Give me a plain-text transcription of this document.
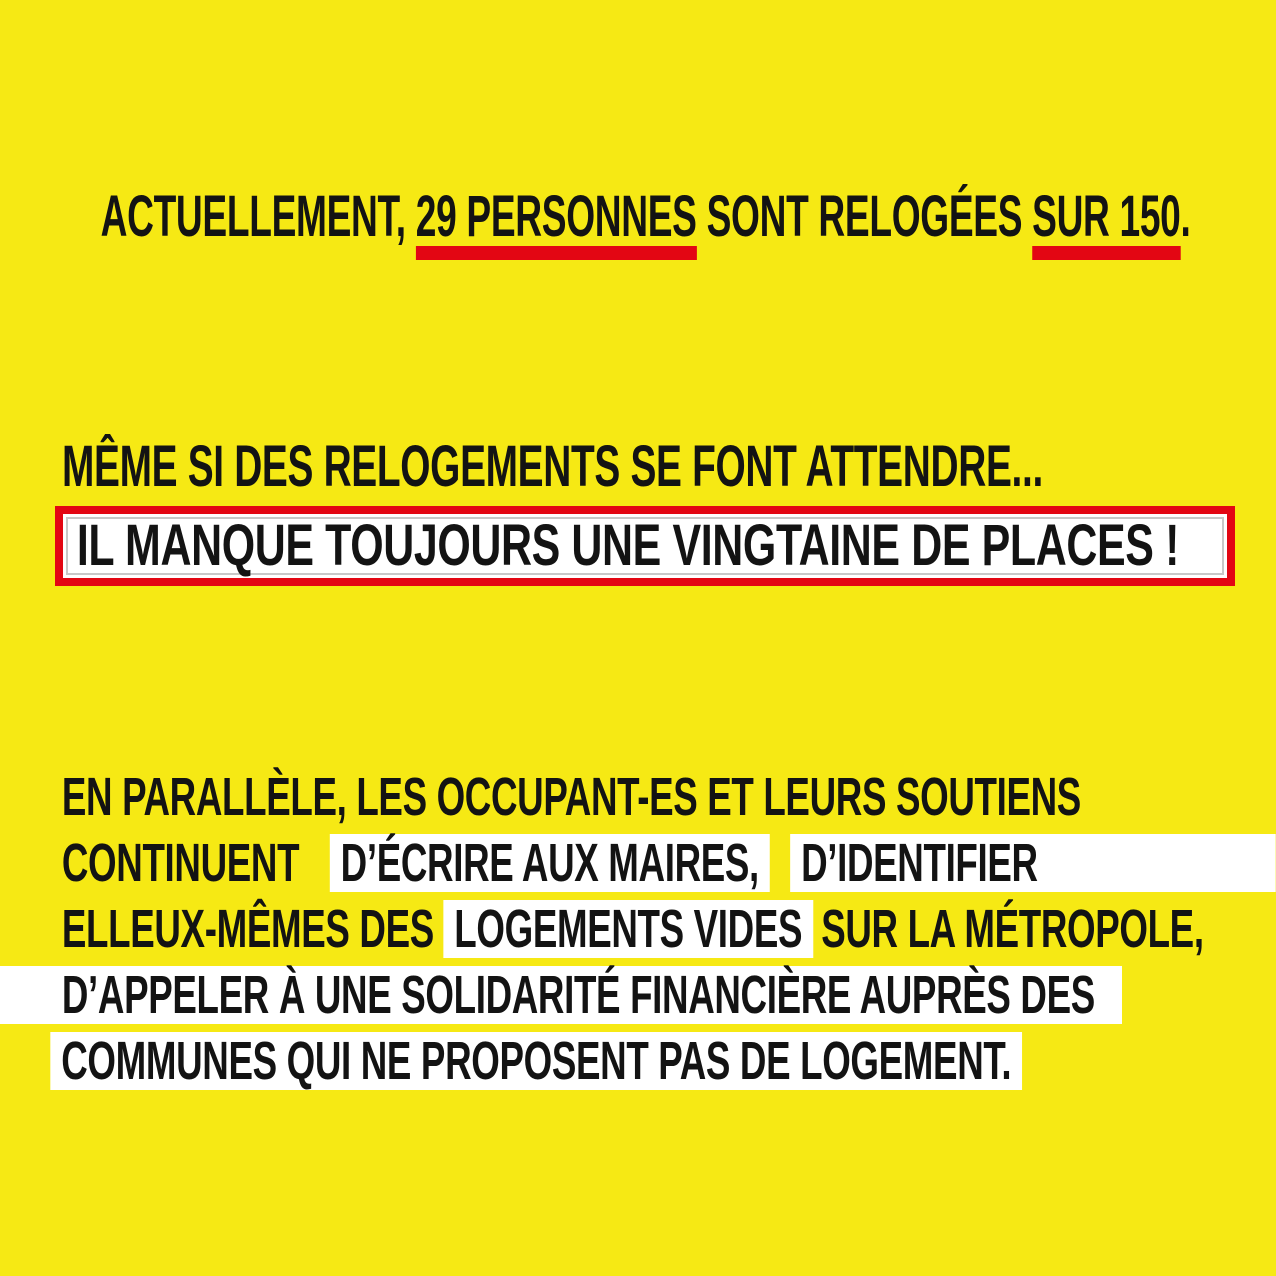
ACTUELLEMENT, 29 PERSONNES SONT RELOGÉES SUR 150.

MÊME SI DES RELOGEMENTS SE FONT ATTENDRE...
IL MANQUE TOUJOURS UNE VINGTAINE DE PLACES !
EN PARALLÈLE, LES OCCUPANT-ES ET LEURS SOUTIENS
CONTINUENT D’ÉCRIRE AUX MAIRES, D’IDENTIFIER
ELLEUX-MÊMES DES LOGEMENTS VIDES SUR LA MÉTROPOLE,
D’APPELER À UNE SOLIDARITÉ FINANCIÈRE AUPRÈS DES
COMMUNES QUI NE PROPOSENT PAS DE LOGEMENT.
